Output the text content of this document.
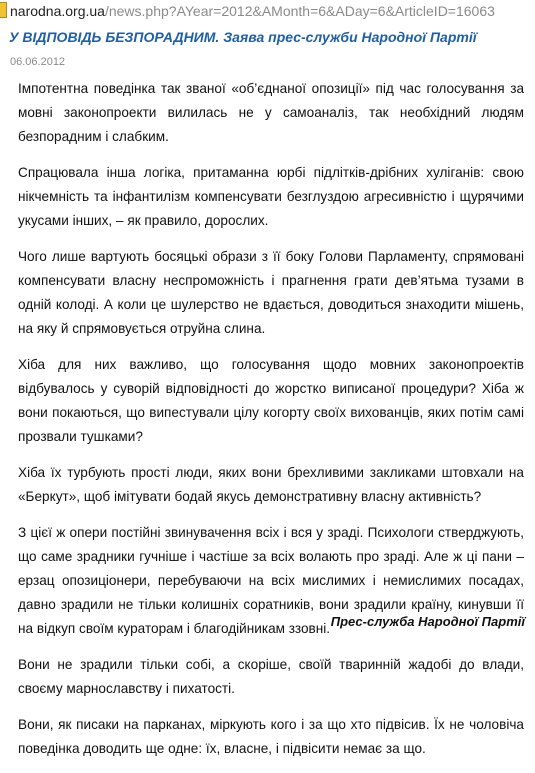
narodna.org.ua/news.php?AYear=2012&AMonth=6&ADay=6&ArticleID=16063
У ВІДПОВІДЬ БЕЗПОРАДНИМ. Заява прес-служби Народної Партії
06.06.2012

Імпотентна поведінка так званої «об’єднаної опозиції» під час голосування за мовні законопроекти вилилась не у самоаналіз, так необхідний людям безпорадним і слабким.

Спрацювала інша логіка, притаманна юрбі підлітків-дрібних хуліганів: свою нікчемність та інфантилізм компенсувати безглуздою агресивністю і щурячими укусами інших, – як правило, дорослих.

Чого лише вартують босяцькі образи з її боку Голови Парламенту, спрямовані компенсувати власну неспроможність і прагнення грати дев’ятьма тузами в одній колоді. А коли це шулерство не вдається, доводиться знаходити мішень, на яку й спрямовується отруйна слина.

Хіба для них важливо, що голосування щодо мовних законопроектів відбувалось у суворій відповідності до жорстко виписаної процедури? Хіба ж вони покаються, що випестували цілу когорту своїх вихованців, яких потім самі прозвали тушками?

Хіба їх турбують прості люди, яких вони брехливими закликами штовхали на «Беркут», щоб імітувати бодай якусь демонстративну власну активність?

З цієї ж опери постійні звинувачення всіх і вся у зраді. Психологи стверджують, що саме зрадники гучніше і частіше за всіх волають про зраді. Але ж ці пани – ерзац опозиціонери, перебуваючи на всіх мислимих і немислимих посадах, давно зрадили не тільки колишніх соратників, вони зрадили країну, кинувши її на відкуп своїм кураторам і благодійникам ззовні.

Вони не зрадили тільки собі, а скоріше, своїй тваринній жадобі до влади, своєму марнославству і пихатості.

Вони, як писаки на парканах, міркують кого і за що хто підвісив. Їх не чоловіча поведінка доводить ще одне: їх, власне, і підвісити немає за що.

Прес-служба Народної Партії
